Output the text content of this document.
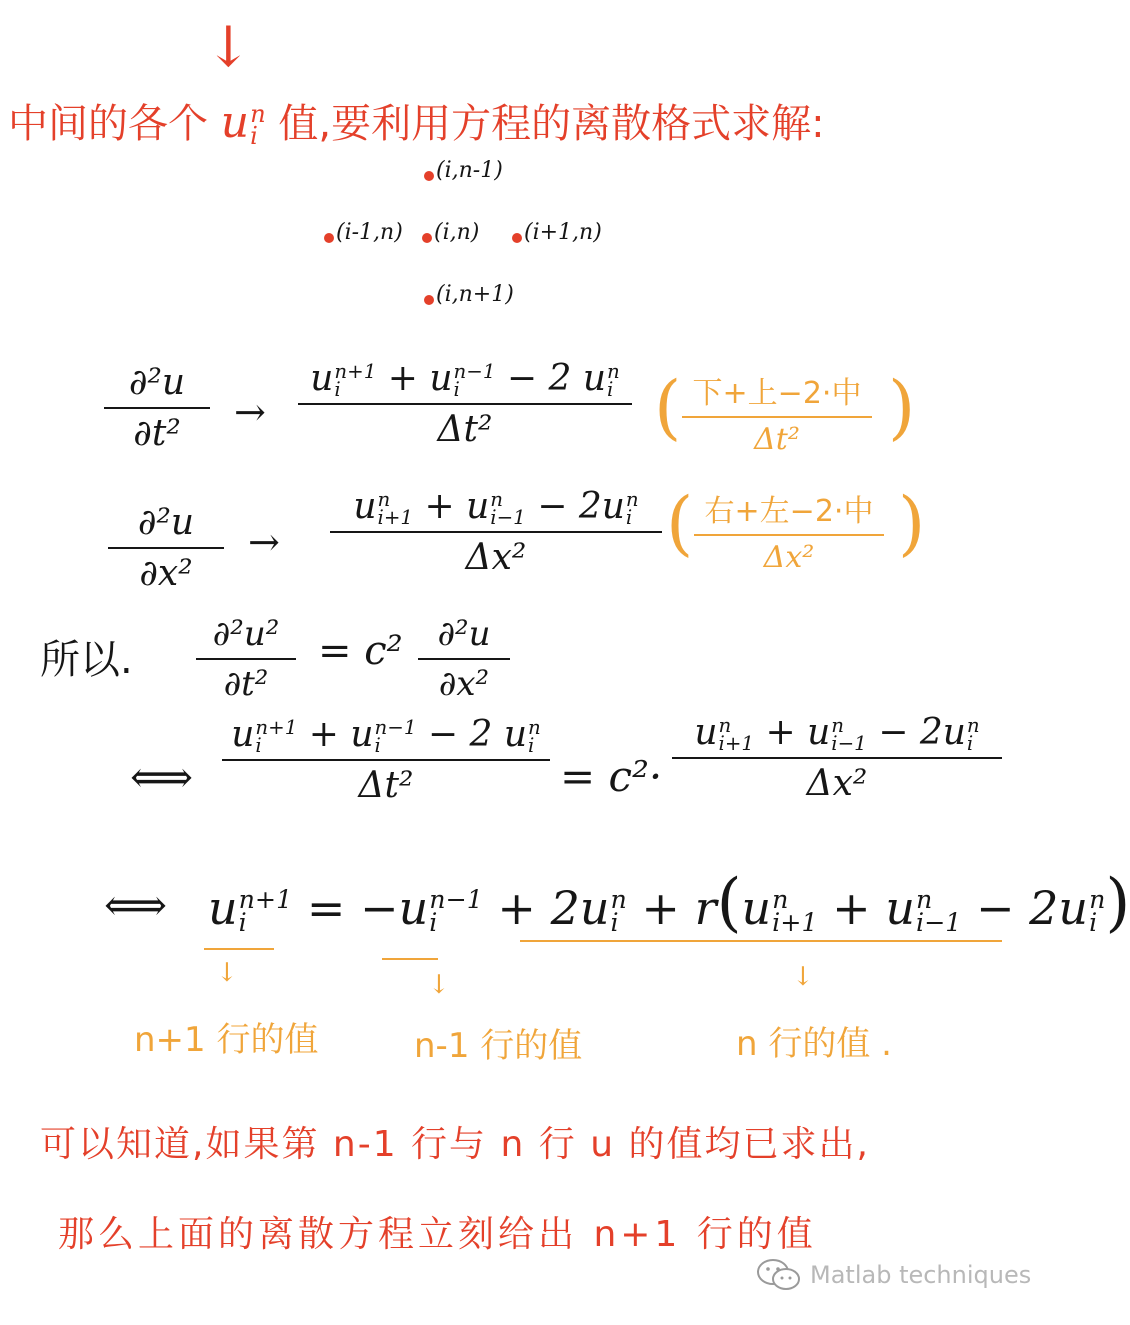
↓
中间的各个 u n
i 值,要利用方程的离散格式求解:
(i,n-1)
(i-1,n) (i,n) (i+1,n)
(i,n+1)
∂²u
∂t² →
u n+1
i + u n−1
i − 2 u n
i
Δt² ( 下+上−2·中
Δt² )
∂²u
∂x²
→
u n
i+1 + u n
i−1 − 2u n
i
Δx² ( 右+左−2·中
Δx² )
所以.
∂²u²
∂t²
= c² ∂²u
∂x²
⟺
u n+1
i + u n−1
i − 2 u n
i
Δt²	= c²·
u n
i+1 + u n
i−1 − 2u n
i
Δx²
⟺ u n+1
i = −u n−1
i + 2u n
i + r(u n
i+1 + u n
i−1 − 2u n
i )
↓	↓	↓
n+1 行的值	n-1 行的值	n 行的值 .
可以知道,如果第 n-1 行与 n 行 u 的值均已求出,
那么上面的离散方程立刻给出 n+1 行的值
Matlab techniques
